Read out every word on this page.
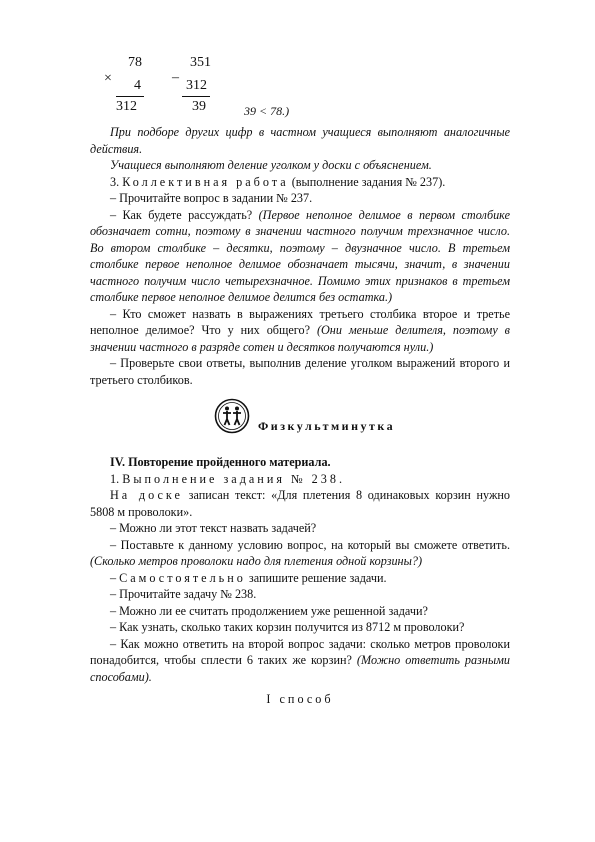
78
× 4
312
351
–
312
39	39 < 78.)

При подборе других цифр в частном учащиеся выполняют аналогичные действия.

Учащиеся выполняют деление уголком у доски с объяснением.

3. Коллективная работа (выполнение задания № 237).

– Прочитайте вопрос в задании № 237.

– Как будете рассуждать? (Первое неполное делимое в первом столбике обозначает сотни, поэтому в значении частного получим трехзначное число. Во втором столбике – десятки, поэтому – двузначное число. В третьем столбике первое неполное делимое обозначает тысячи, значит, в значении частного получим число четырехзначное. Помимо этих признаков в третьем столбике первое неполное делимое делится без остатка.)

– Кто сможет назвать в выражениях третьего столбика второе и третье неполное делимое? Что у них общего? (Они меньше делителя, поэтому в значении частного в разряде сотен и десятков получаются нули.)

– Проверьте свои ответы, выполнив деление уголком выражений второго и третьего столбиков.

Физкультминутка

IV. Повторение пройденного материала.

1. Выполнение задания № 238.

На доске записан текст: «Для плетения 8 одинаковых корзин нужно 5808 м проволоки».

– Можно ли этот текст назвать задачей?

– Поставьте к данному условию вопрос, на который вы сможете ответить. (Сколько метров проволоки надо для плетения одной корзины?)

– Самостоятельно запишите решение задачи.

– Прочитайте задачу № 238.

– Можно ли ее считать продолжением уже решенной задачи?

– Как узнать, сколько таких корзин получится из 8712 м проволоки?

– Как можно ответить на второй вопрос задачи: сколько метров проволоки понадобится, чтобы сплести 6 таких же корзин? (Можно ответить разными способами).

I способ
